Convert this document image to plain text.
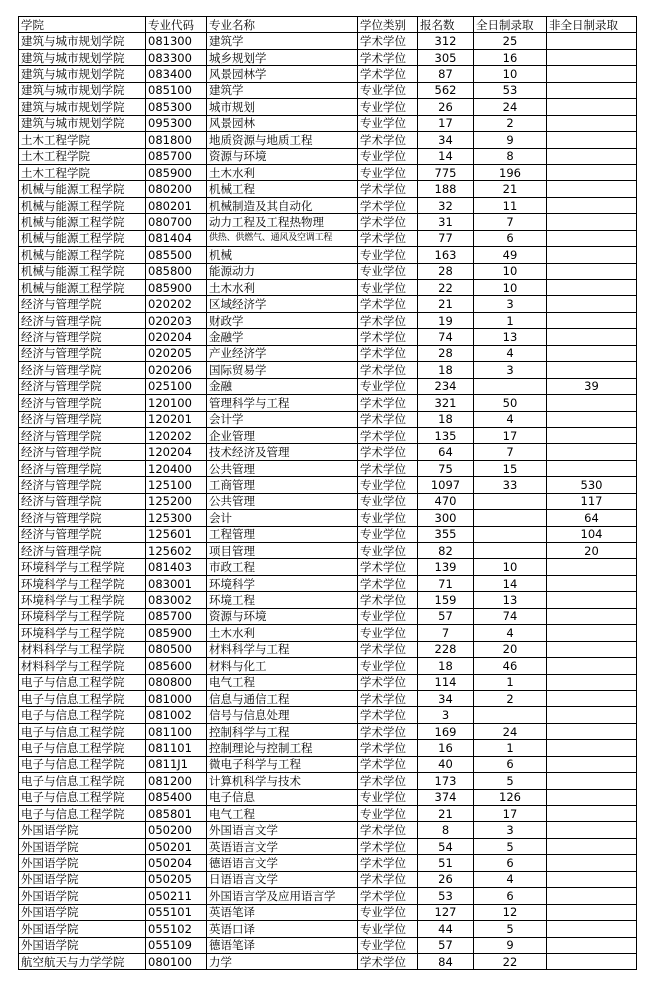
学院	专业代码	专业名称	学位类别	报名数	全日制录取	非全日制录取
建筑与城市规划学院	081300	建筑学	学术学位	312	25	
建筑与城市规划学院	083300	城乡规划学	学术学位	305	16	
建筑与城市规划学院	083400	风景园林学	学术学位	87	10	
建筑与城市规划学院	085100	建筑学	专业学位	562	53	
建筑与城市规划学院	085300	城市规划	专业学位	26	24	
建筑与城市规划学院	095300	风景园林	专业学位	17	2	
土木工程学院	081800	地质资源与地质工程	学术学位	34	9	
土木工程学院	085700	资源与环境	专业学位	14	8	
土木工程学院	085900	土木水利	专业学位	775	196	
机械与能源工程学院	080200	机械工程	学术学位	188	21	
机械与能源工程学院	080201	机械制造及其自动化	学术学位	32	11	
机械与能源工程学院	080700	动力工程及工程热物理	学术学位	31	7	
机械与能源工程学院	081404	供热、供燃气、通风及空调工程	学术学位	77	6	
机械与能源工程学院	085500	机械	专业学位	163	49	
机械与能源工程学院	085800	能源动力	专业学位	28	10	
机械与能源工程学院	085900	土木水利	专业学位	22	10	
经济与管理学院	020202	区域经济学	学术学位	21	3	
经济与管理学院	020203	财政学	学术学位	19	1	
经济与管理学院	020204	金融学	学术学位	74	13	
经济与管理学院	020205	产业经济学	学术学位	28	4	
经济与管理学院	020206	国际贸易学	学术学位	18	3	
经济与管理学院	025100	金融	专业学位	234		39
经济与管理学院	120100	管理科学与工程	学术学位	321	50	
经济与管理学院	120201	会计学	学术学位	18	4	
经济与管理学院	120202	企业管理	学术学位	135	17	
经济与管理学院	120204	技术经济及管理	学术学位	64	7	
经济与管理学院	120400	公共管理	学术学位	75	15	
经济与管理学院	125100	工商管理	专业学位	1097	33	530
经济与管理学院	125200	公共管理	专业学位	470		117
经济与管理学院	125300	会计	专业学位	300		64
经济与管理学院	125601	工程管理	专业学位	355		104
经济与管理学院	125602	项目管理	专业学位	82		20
环境科学与工程学院	081403	市政工程	学术学位	139	10	
环境科学与工程学院	083001	环境科学	学术学位	71	14	
环境科学与工程学院	083002	环境工程	学术学位	159	13	
环境科学与工程学院	085700	资源与环境	专业学位	57	74	
环境科学与工程学院	085900	土木水利	专业学位	7	4	
材料科学与工程学院	080500	材料科学与工程	学术学位	228	20	
材料科学与工程学院	085600	材料与化工	专业学位	18	46	
电子与信息工程学院	080800	电气工程	学术学位	114	1	
电子与信息工程学院	081000	信息与通信工程	学术学位	34	2	
电子与信息工程学院	081002	信号与信息处理	学术学位	3		
电子与信息工程学院	081100	控制科学与工程	学术学位	169	24	
电子与信息工程学院	081101	控制理论与控制工程	学术学位	16	1	
电子与信息工程学院	0811J1	微电子科学与工程	学术学位	40	6	
电子与信息工程学院	081200	计算机科学与技术	学术学位	173	5	
电子与信息工程学院	085400	电子信息	专业学位	374	126	
电子与信息工程学院	085801	电气工程	专业学位	21	17	
外国语学院	050200	外国语言文学	学术学位	8	3	
外国语学院	050201	英语语言文学	学术学位	54	5	
外国语学院	050204	德语语言文学	学术学位	51	6	
外国语学院	050205	日语语言文学	学术学位	26	4	
外国语学院	050211	外国语言学及应用语言学	学术学位	53	6	
外国语学院	055101	英语笔译	专业学位	127	12	
外国语学院	055102	英语口译	专业学位	44	5	
外国语学院	055109	德语笔译	专业学位	57	9	
航空航天与力学学院	080100	力学	学术学位	84	22	
